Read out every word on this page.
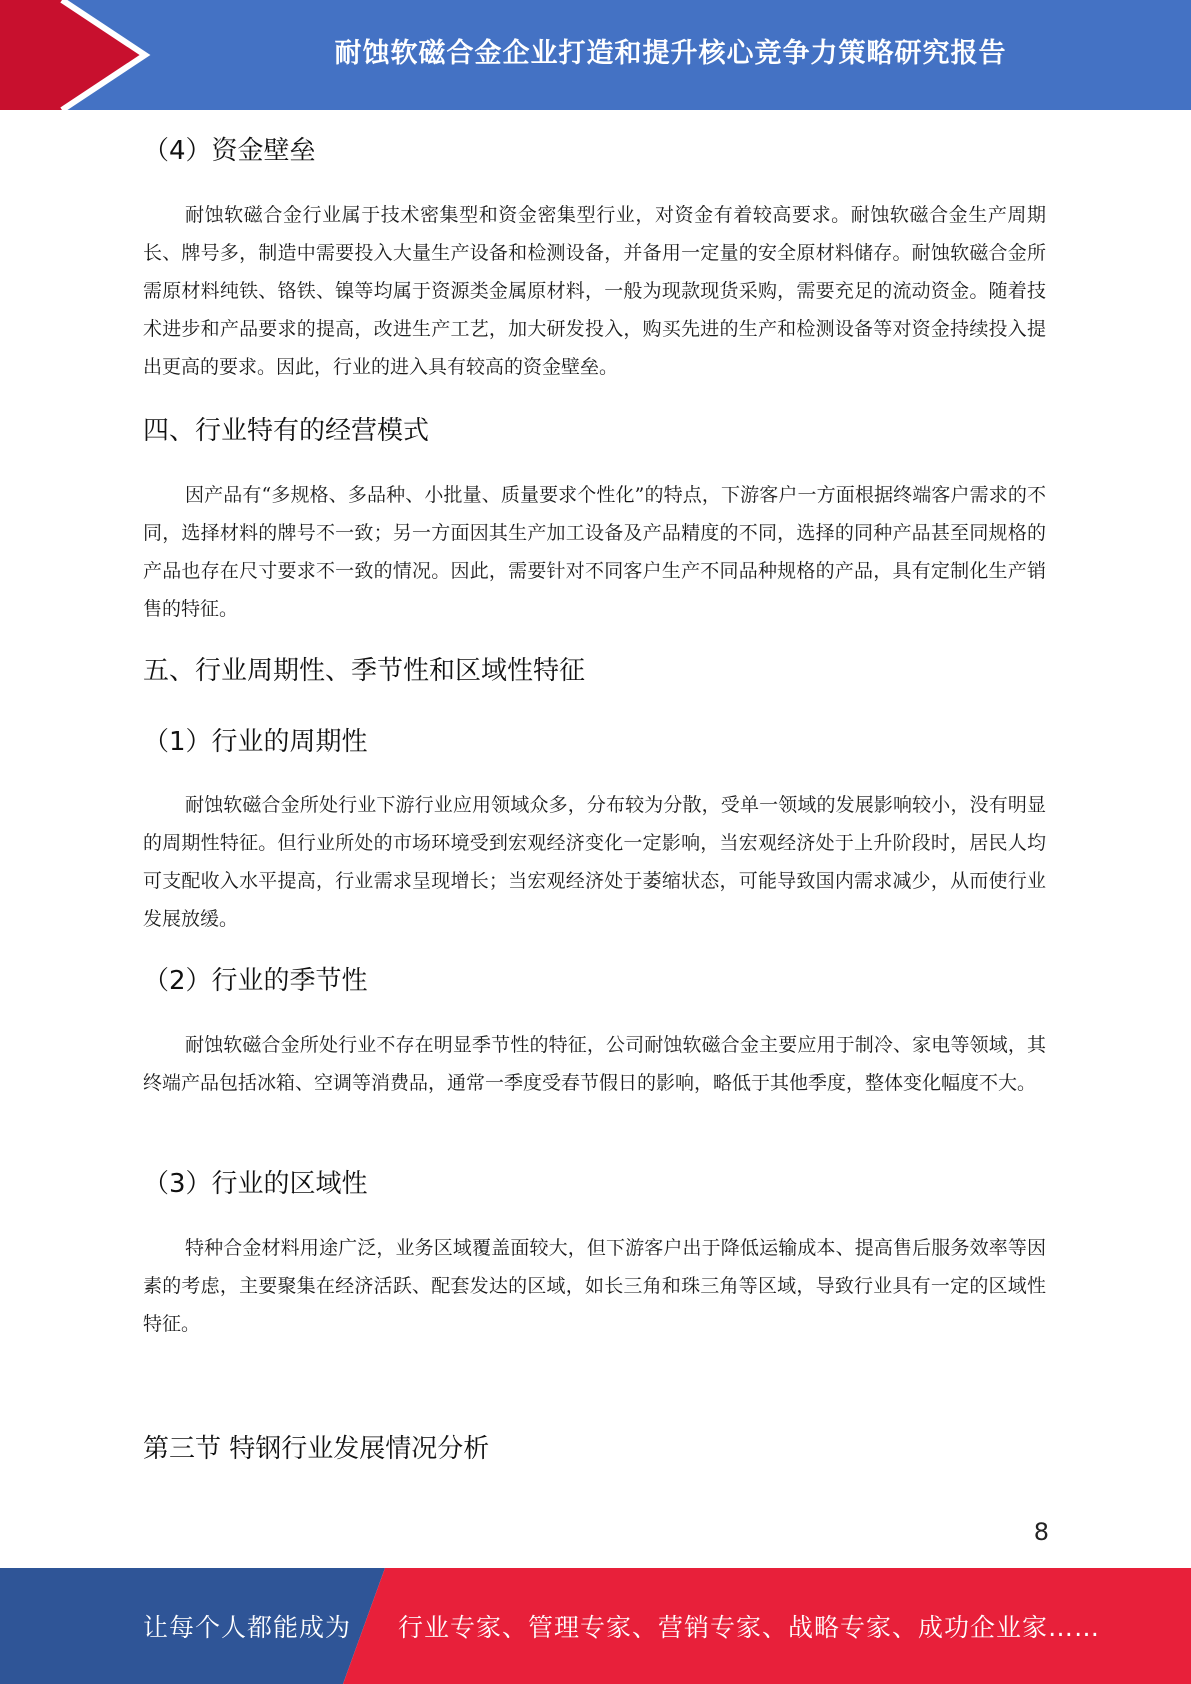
耐蚀软磁合金企业打造和提升核心竞争力策略研究报告
（4）资金壁垒

耐蚀软磁合金行业属于技术密集型和资金密集型行业，对资金有着较高要求。耐蚀软磁合金生产周期长、牌号多，制造中需要投入大量生产设备和检测设备，并备用一定量的安全原材料储存。耐蚀软磁合金所需原材料纯铁、铬铁、镍等均属于资源类金属原材料，一般为现款现货采购，需要充足的流动资金。随着技术进步和产品要求的提高，改进生产工艺，加大研发投入，购买先进的生产和检测设备等对资金持续投入提出更高的要求。因此，行业的进入具有较高的资金壁垒。

四、行业特有的经营模式

因产品有“多规格、多品种、小批量、质量要求个性化”的特点，下游客户一方面根据终端客户需求的不同，选择材料的牌号不一致；另一方面因其生产加工设备及产品精度的不同，选择的同种产品甚至同规格的产品也存在尺寸要求不一致的情况。因此，需要针对不同客户生产不同品种规格的产品，具有定制化生产销售的特征。

五、行业周期性、季节性和区域性特征
（1）行业的周期性

耐蚀软磁合金所处行业下游行业应用领域众多，分布较为分散，受单一领域的发展影响较小，没有明显的周期性特征。但行业所处的市场环境受到宏观经济变化一定影响，当宏观经济处于上升阶段时，居民人均可支配收入水平提高，行业需求呈现增长；当宏观经济处于萎缩状态，可能导致国内需求减少，从而使行业发展放缓。

（2）行业的季节性

耐蚀软磁合金所处行业不存在明显季节性的特征，公司耐蚀软磁合金主要应用于制冷、家电等领域，其终端产品包括冰箱、空调等消费品，通常一季度受春节假日的影响，略低于其他季度，整体变化幅度不大。

（3）行业的区域性

特种合金材料用途广泛，业务区域覆盖面较大，但下游客户出于降低运输成本、提高售后服务效率等因素的考虑，主要聚集在经济活跃、配套发达的区域，如长三角和珠三角等区域，导致行业具有一定的区域性特征。

第三节 特钢行业发展情况分析
8
让每个人都能成为 行业专家、管理专家、营销专家、战略专家、成功企业家……
